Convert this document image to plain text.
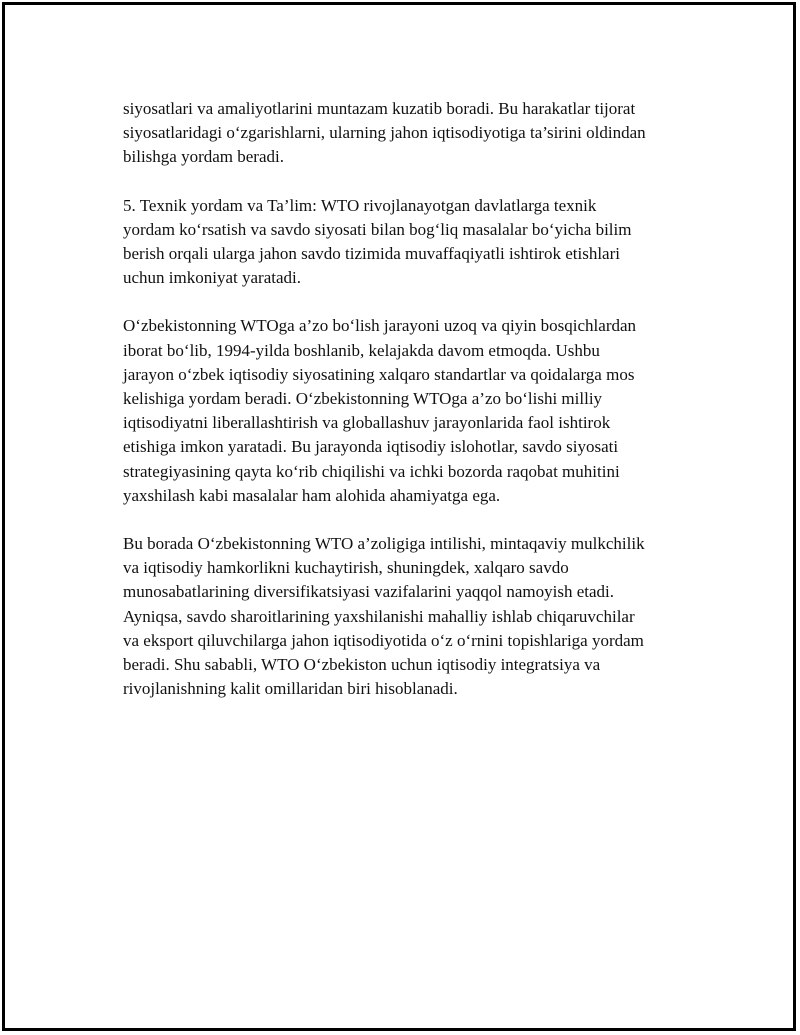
siyosatlari va amaliyotlarini muntazam kuzatib boradi. Bu harakatlar tijorat
siyosatlaridagi o‘zgarishlarni, ularning jahon iqtisodiyotiga ta’sirini oldindan
bilishga yordam beradi.

5. Texnik yordam va Ta’lim: WTO rivojlanayotgan davlatlarga texnik
yordam ko‘rsatish va savdo siyosati bilan bog‘liq masalalar bo‘yicha bilim
berish orqali ularga jahon savdo tizimida muvaffaqiyatli ishtirok etishlari
uchun imkoniyat yaratadi.

O‘zbekistonning WTOga a’zo bo‘lish jarayoni uzoq va qiyin bosqichlardan
iborat bo‘lib, 1994-yilda boshlanib, kelajakda davom etmoqda. Ushbu
jarayon o‘zbek iqtisodiy siyosatining xalqaro standartlar va qoidalarga mos
kelishiga yordam beradi. O‘zbekistonning WTOga a’zo bo‘lishi milliy
iqtisodiyatni liberallashtirish va globallashuv jarayonlarida faol ishtirok
etishiga imkon yaratadi. Bu jarayonda iqtisodiy islohotlar, savdo siyosati
strategiyasining qayta ko‘rib chiqilishi va ichki bozorda raqobat muhitini
yaxshilash kabi masalalar ham alohida ahamiyatga ega.

Bu borada O‘zbekistonning WTO a’zoligiga intilishi, mintaqaviy mulkchilik
va iqtisodiy hamkorlikni kuchaytirish, shuningdek, xalqaro savdo
munosabatlarining diversifikatsiyasi vazifalarini yaqqol namoyish etadi.
Ayniqsa, savdo sharoitlarining yaxshilanishi mahalliy ishlab chiqaruvchilar
va eksport qiluvchilarga jahon iqtisodiyotida o‘z o‘rnini topishlariga yordam
beradi. Shu sababli, WTO O‘zbekiston uchun iqtisodiy integratsiya va
rivojlanishning kalit omillaridan biri hisoblanadi.
